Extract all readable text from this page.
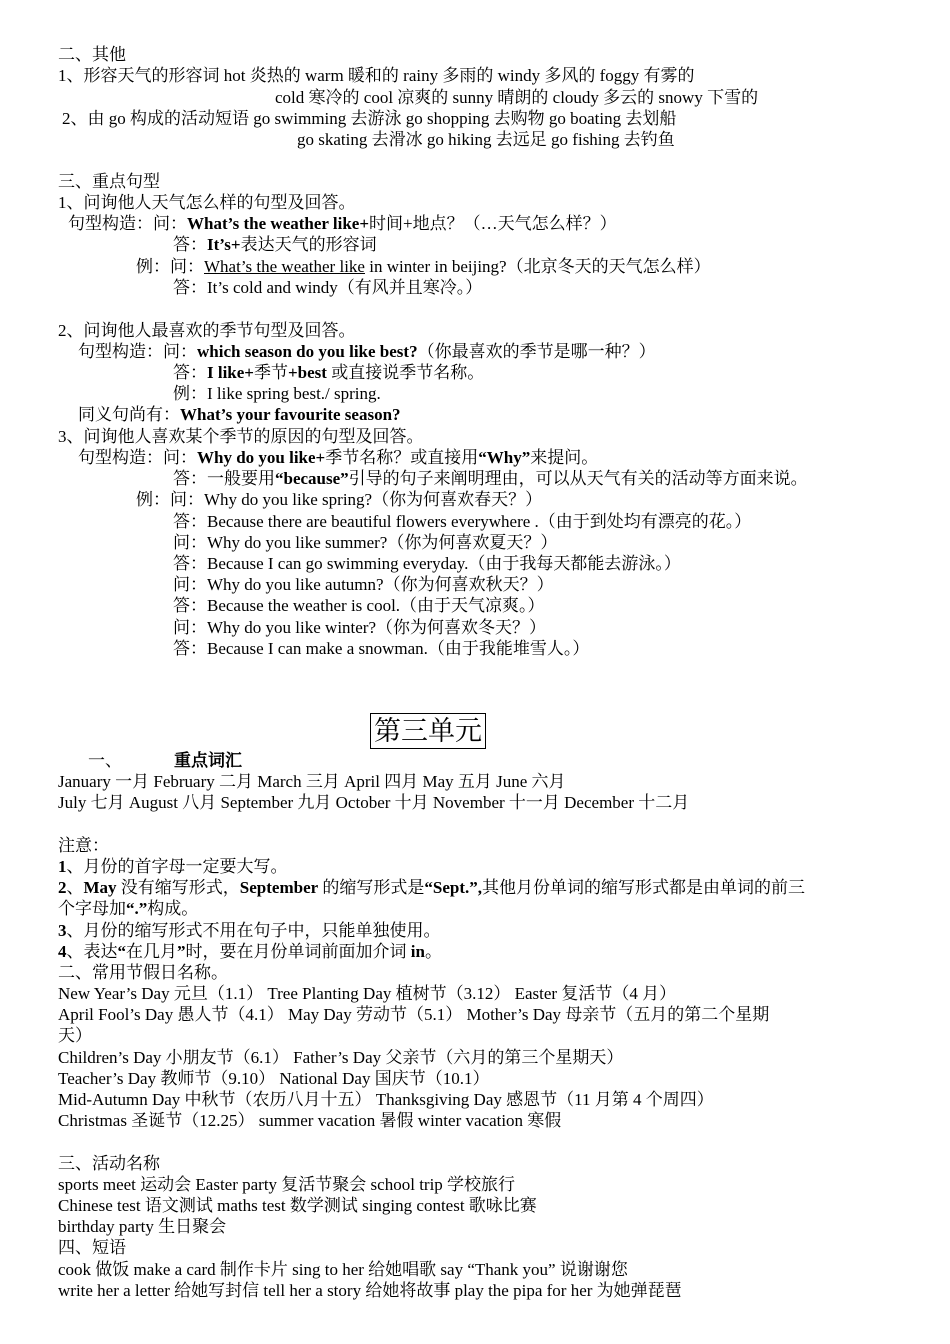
二、其他
1、形容天气的形容词 hot 炎热的 warm 暖和的 rainy 多雨的 windy 多风的 foggy 有雾的
cold 寒冷的 cool 凉爽的 sunny 晴朗的 cloudy 多云的 snowy 下雪的
2、由 go 构成的活动短语 go swimming 去游泳 go shopping 去购物 go boating 去划船
go skating 去滑冰 go hiking 去远足 go fishing 去钓鱼
三、重点句型
1、问询他人天气怎么样的句型及回答。
句型构造：问：What’s the weather like+时间+地点？（…天气怎么样？）
答：It’s+表达天气的形容词
例：问：What’s the weather like in winter in beijing?（北京冬天的天气怎么样）
答：It’s cold and windy（有风并且寒冷。）
2、问询他人最喜欢的季节句型及回答。
句型构造：问：which season do you like best?（你最喜欢的季节是哪一种？）
答：I like+季节+best 或直接说季节名称。
例：I like spring best./ spring.
同义句尚有：What’s your favourite season?
3、问询他人喜欢某个季节的原因的句型及回答。
句型构造：问：Why do you like+季节名称？或直接用“Why”来提问。
答：一般要用“because”引导的句子来阐明理由，可以从天气有关的活动等方面来说。
例：问：Why do you like spring?（你为何喜欢春天？）
答：Because there are beautiful flowers everywhere .（由于到处均有漂亮的花。）
问：Why do you like summer?（你为何喜欢夏天？）
答：Because I can go swimming everyday.（由于我每天都能去游泳。）
问：Why do you like autumn?（你为何喜欢秋天？）
答：Because the weather is cool.（由于天气凉爽。）
问：Why do you like winter?（你为何喜欢冬天？）
答：Because I can make a snowman.（由于我能堆雪人。）
第三单元
一、	重点词汇
January 一月 February 二月 March 三月 April 四月 May 五月 June 六月
July 七月 August 八月 September 九月 October 十月 November 十一月 December 十二月
注意：
1、月份的首字母一定要大写。
2、May 没有缩写形式，September 的缩写形式是“Sept.”,其他月份单词的缩写形式都是由单词的前三
个字母加“.”构成。
3、月份的缩写形式不用在句子中，只能单独使用。
4、表达“在几月”时，要在月份单词前面加介词 in。
二、常用节假日名称。
New Year’s Day 元旦（1.1） Tree Planting Day 植树节（3.12） Easter 复活节（4 月）
April Fool’s Day 愚人节（4.1） May Day 劳动节（5.1） Mother’s Day 母亲节（五月的第二个星期
天）
Children’s Day 小朋友节（6.1） Father’s Day 父亲节（六月的第三个星期天）
Teacher’s Day 教师节（9.10） National Day 国庆节（10.1）
Mid-Autumn Day 中秋节（农历八月十五） Thanksgiving Day 感恩节（11 月第 4 个周四）
Christmas 圣诞节（12.25） summer vacation 暑假 winter vacation 寒假
三、活动名称
sports meet 运动会 Easter party 复活节聚会 school trip 学校旅行
Chinese test 语文测试 maths test 数学测试 singing contest 歌咏比赛
birthday party 生日聚会
四、短语
cook 做饭 make a card 制作卡片 sing to her 给她唱歌 say “Thank you” 说谢谢您
write her a letter 给她写封信 tell her a story 给她将故事 play the pipa for her 为她弹琵琶
